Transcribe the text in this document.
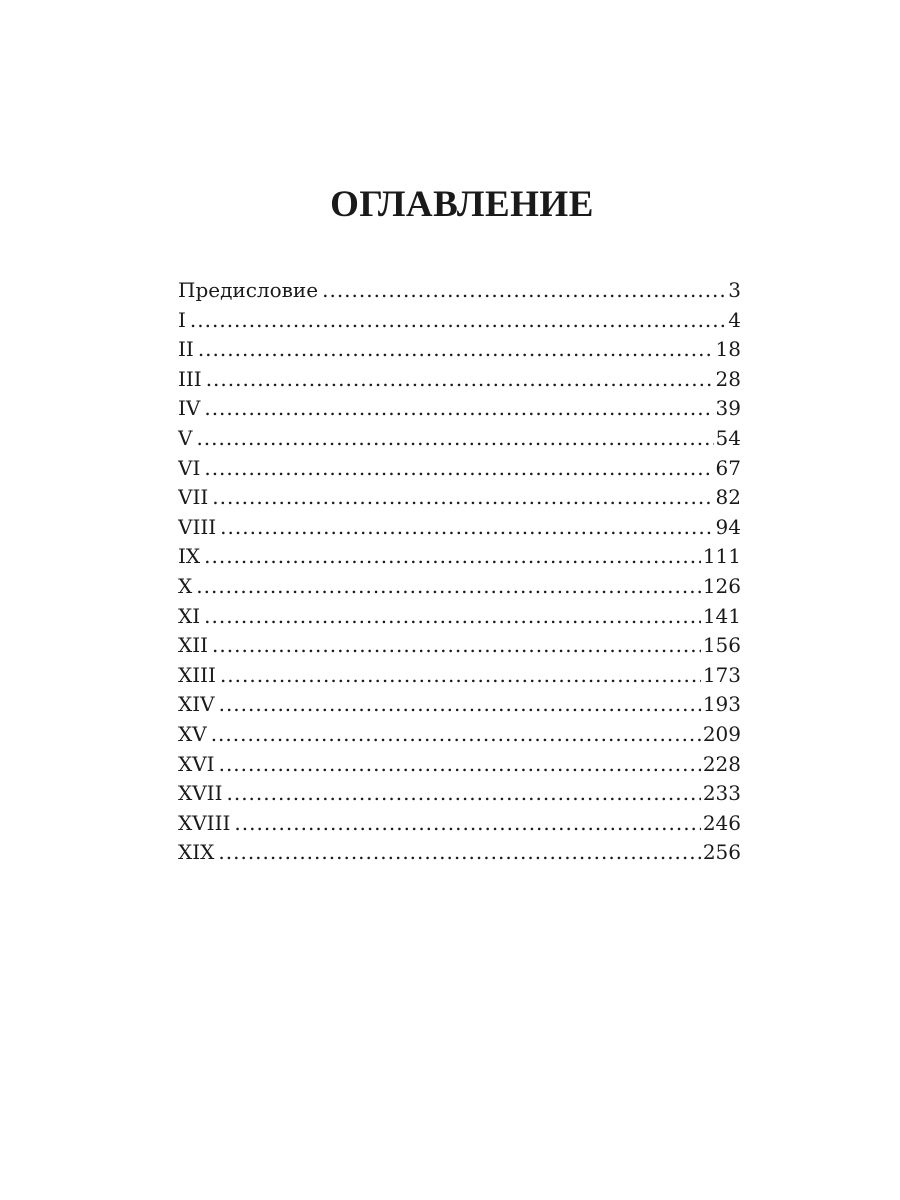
ОГЛАВЛЕНИЕ
Предисловие .....	3
I .....	4
II .....	18
III .....	28
IV .....	39
V .....	54
VI .....	67
VII .....	82
VIII .....	94
IX .....	111
X .....	126
XI .....	141
XII .....	156
XIII .....	173
XIV .....	193
XV .....	209
XVI .....	228
XVII .....	233
XVIII .....	246
XIX .....	256
